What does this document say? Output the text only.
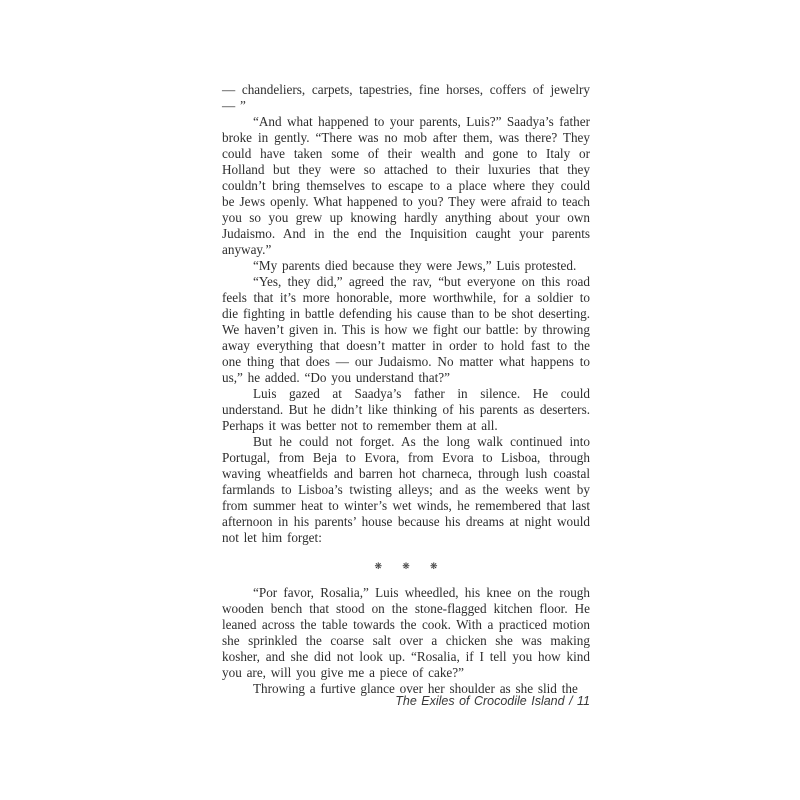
— chandeliers, carpets, tapestries, fine horses, coffers of jewelry — ”

“And what happened to your parents, Luis?” Saadya’s father broke in gently. “There was no mob after them, was there? They could have taken some of their wealth and gone to Italy or Holland but they were so attached to their luxuries that they couldn’t bring themselves to escape to a place where they could be Jews openly. What happened to you? They were afraid to teach you so you grew up knowing hardly anything about your own Judaismo. And in the end the Inquisition caught your parents anyway.”

“My parents died because they were Jews,” Luis protested.

“Yes, they did,” agreed the rav, “but everyone on this road feels that it’s more honorable, more worthwhile, for a soldier to die fighting in battle defending his cause than to be shot deserting. We haven’t given in. This is how we fight our battle: by throwing away everything that doesn’t matter in order to hold fast to the one thing that does — our Judaismo. No matter what happens to us,” he added. “Do you understand that?”

Luis gazed at Saadya’s father in silence. He could understand. But he didn’t like thinking of his parents as deserters. Perhaps it was better not to remember them at all.

But he could not forget. As the long walk continued into Portugal, from Beja to Evora, from Evora to Lisboa, through waving wheatfields and barren hot charneca, through lush coastal farmlands to Lisboa’s twisting alleys; and as the weeks went by from summer heat to winter’s wet winds, he remembered that last afternoon in his parents’ house because his dreams at night would not let him forget:

❋ ❋ ❋

“Por favor, Rosalia,” Luis wheedled, his knee on the rough wooden bench that stood on the stone-flagged kitchen floor. He leaned across the table towards the cook. With a practiced motion she sprinkled the coarse salt over a chicken she was making kosher, and she did not look up. “Rosalia, if I tell you how kind you are, will you give me a piece of cake?”

Throwing a furtive glance over her shoulder as she slid the

The Exiles of Crocodile Island / 11
